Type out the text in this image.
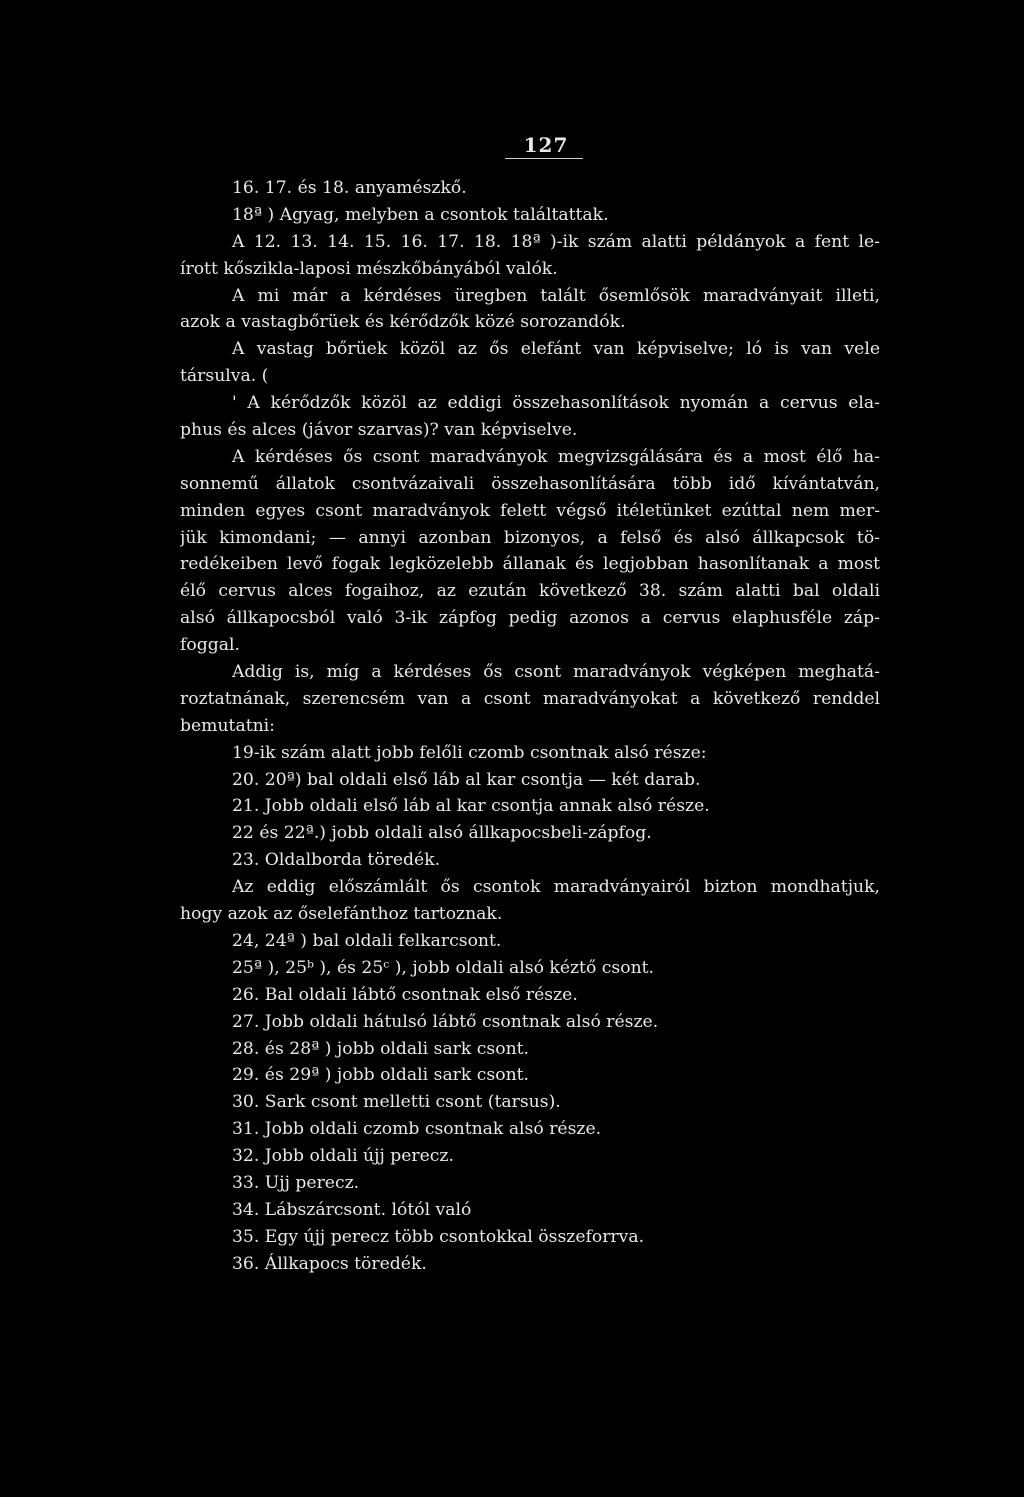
127
16. 17. és 18. anyamészkő.
18ª ) Agyag, melyben a csontok találtattak.
A 12. 13. 14. 15. 16. 17. 18. 18ª )-ik szám alatti példányok a fent le-
írott kőszikla-laposi mészkőbányából valók.
A mi már a kérdéses üregben talált ősemlősök maradványait illeti,
azok a vastagbőrüek és kérődzők közé sorozandók.
A vastag bőrüek közöl az ős elefánt van képviselve; ló is van vele
társulva. (
' A kérődzők közöl az eddigi összehasonlítások nyomán a cervus ela-
phus és alces (jávor szarvas)? van képviselve.
A kérdéses ős csont maradványok megvizsgálására és a most élő ha-
sonnemű állatok csontvázaivali összehasonlítására több idő kívántatván,
minden egyes csont maradványok felett végső itéletünket ezúttal nem mer-
jük kimondani; — annyi azonban bizonyos, a felső és alsó állkapcsok tö-
redékeiben levő fogak legközelebb állanak és legjobban hasonlítanak a most
élő cervus alces fogaihoz, az ezután következő 38. szám alatti bal oldali
alsó állkapocsból való 3-ik zápfog pedig azonos a cervus elaphusféle záp-
foggal.
Addig is, míg a kérdéses ős csont maradványok végképen meghatá-
roztatnának, szerencsém van a csont maradványokat a következő renddel
bemutatni:
19-ik szám alatt jobb felőli czomb csontnak alsó része:
20. 20ª) bal oldali első láb al kar csontja — két darab.
21. Jobb oldali első láb al kar csontja annak alsó része.
22 és 22ª.) jobb oldali alsó állkapocsbeli-zápfog.
23. Oldalborda töredék.
Az eddig előszámlált ős csontok maradványairól bizton mondhatjuk,
hogy azok az őselefánthoz tartoznak.
24, 24ª ) bal oldali felkarcsont.
25ª ), 25ᵇ ), és 25ᶜ ), jobb oldali alsó kéztő csont.
26. Bal oldali lábtő csontnak első része.
27. Jobb oldali hátulsó lábtő csontnak alsó része.
28. és 28ª ) jobb oldali sark csont.
29. és 29ª ) jobb oldali sark csont.
30. Sark csont melletti csont (tarsus).
31. Jobb oldali czomb csontnak alsó része.
32. Jobb oldali újj perecz.
33. Ujj perecz.
34. Lábszárcsont. lótól való
35. Egy újj perecz több csontokkal összeforrva.
36. Állkapocs töredék.
